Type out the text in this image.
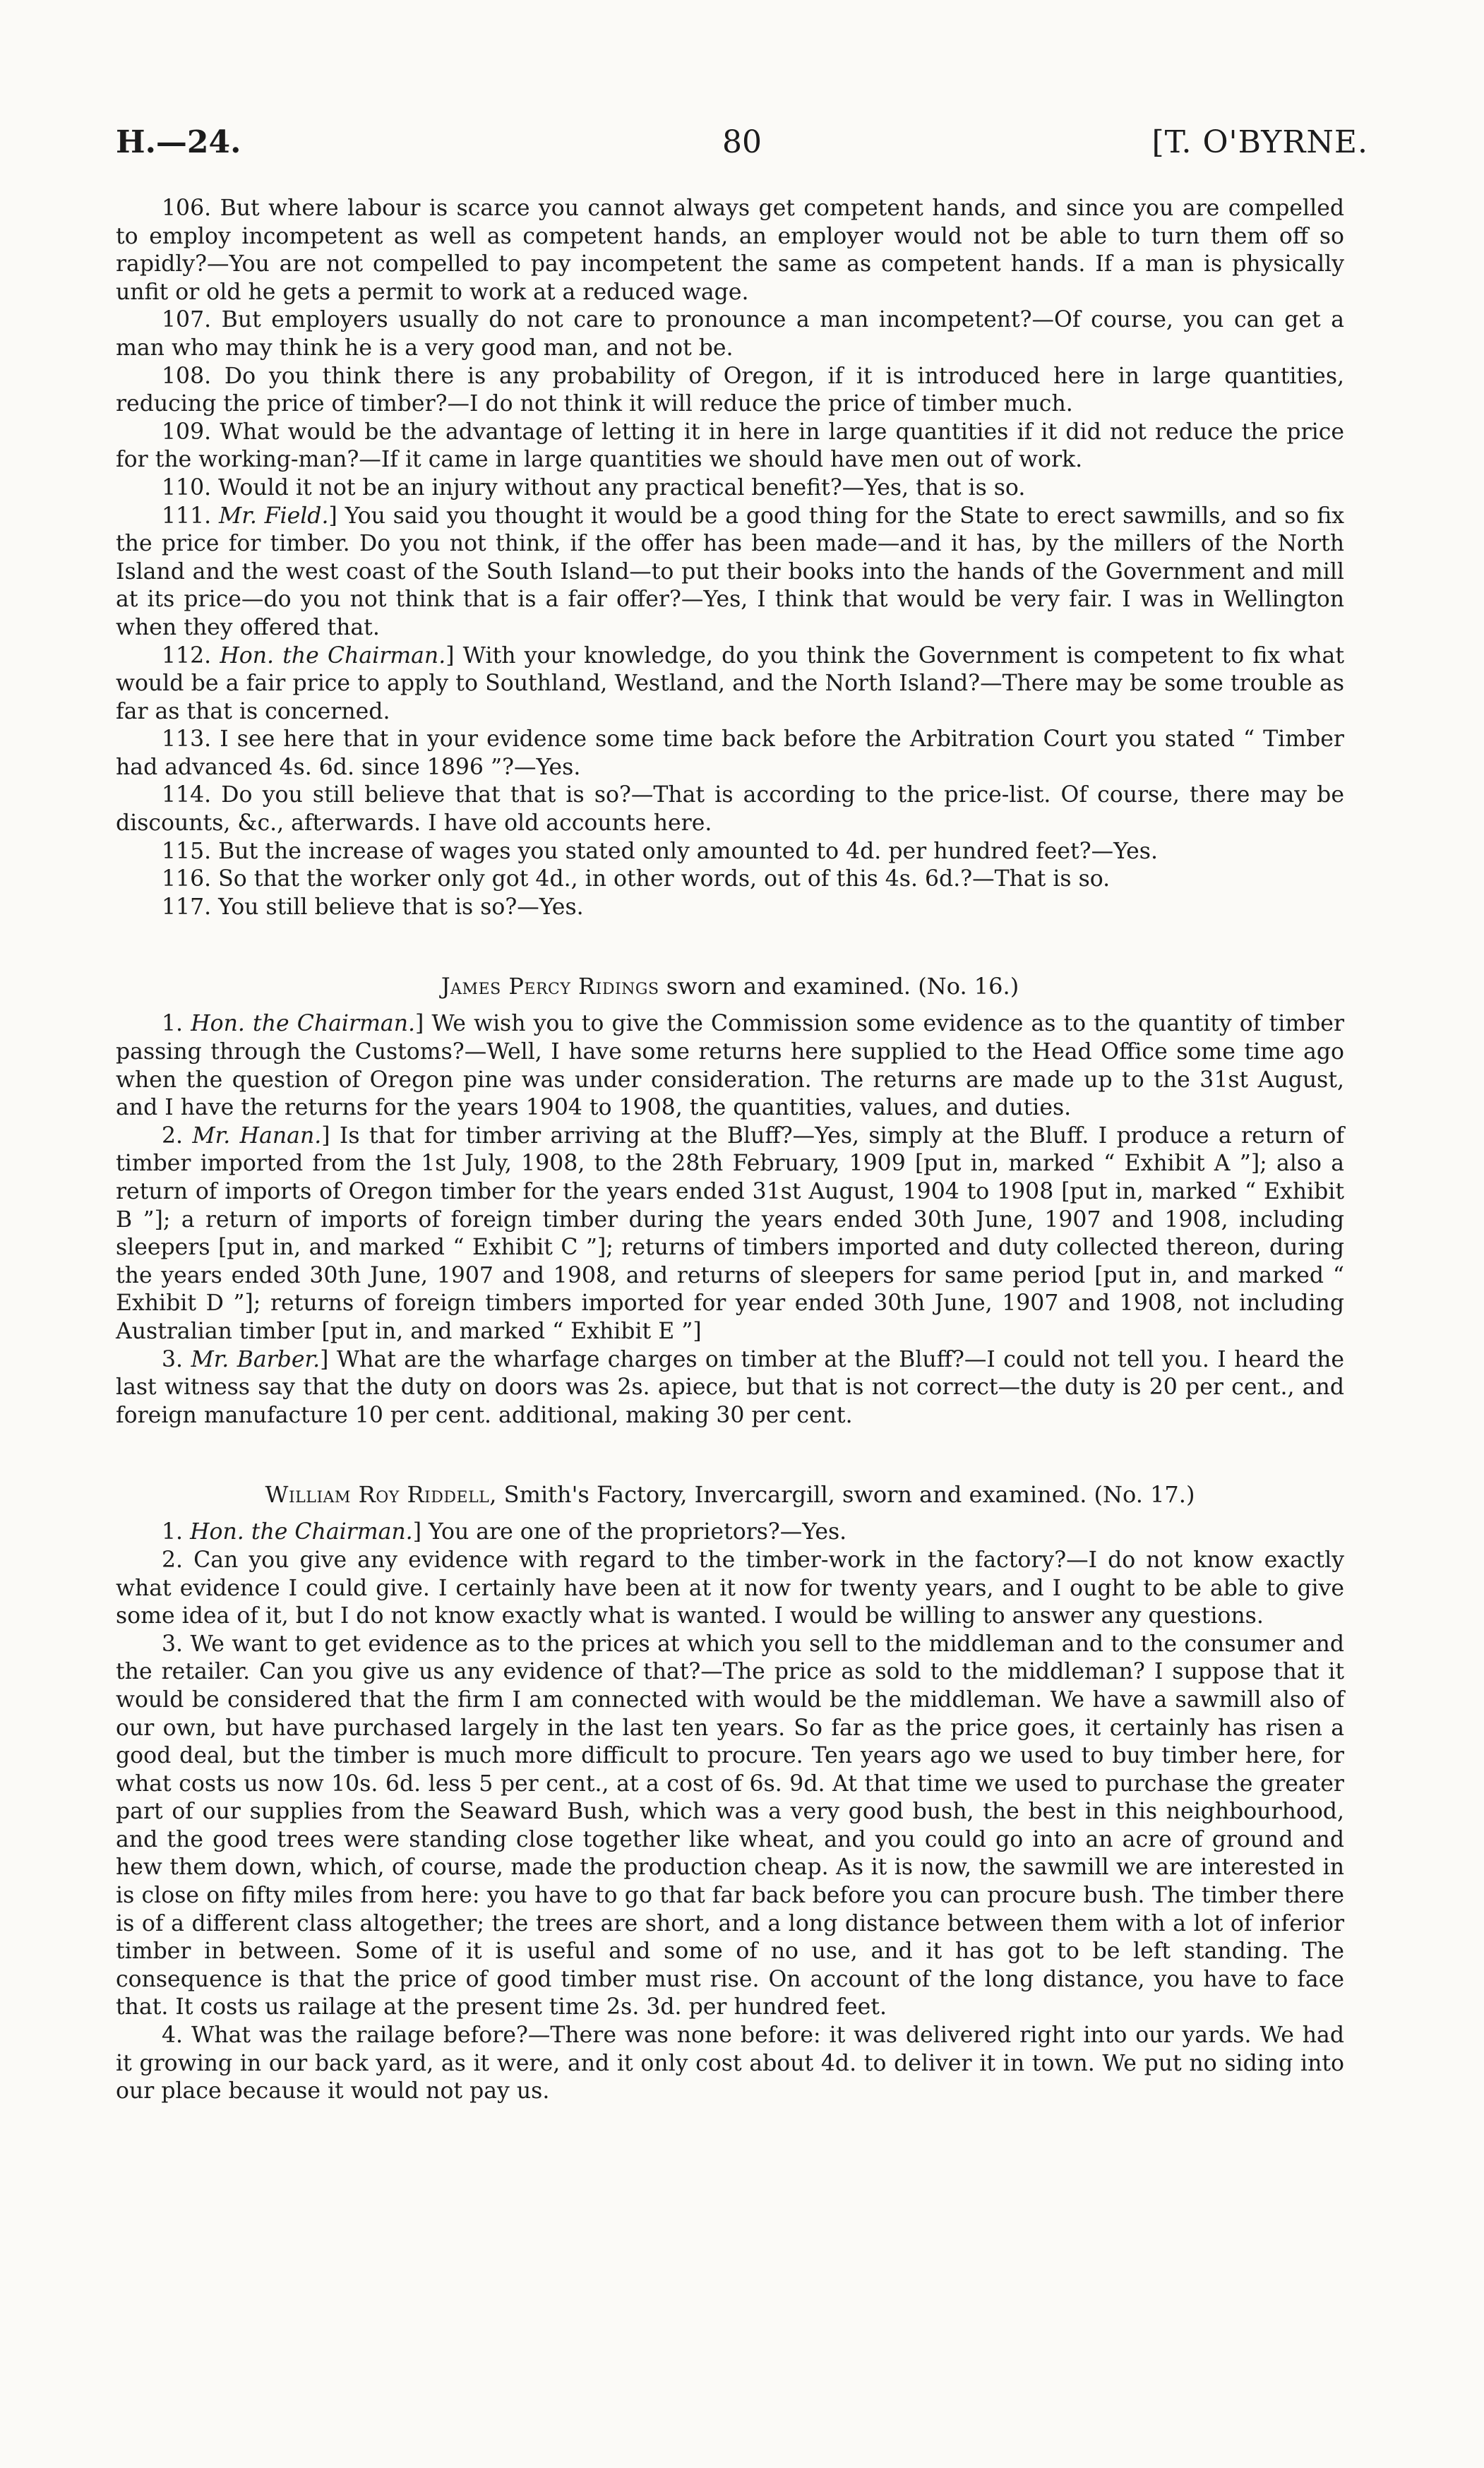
H.—24.	80	[T. O'BYRNE.

106. But where labour is scarce you cannot always get competent hands, and since you are compelled to employ incompetent as well as competent hands, an employer would not be able to turn them off so rapidly?—You are not compelled to pay incompetent the same as competent hands. If a man is physically unfit or old he gets a permit to work at a reduced wage.

107. But employers usually do not care to pronounce a man incompetent?—Of course, you can get a man who may think he is a very good man, and not be.

108. Do you think there is any probability of Oregon, if it is introduced here in large quantities, reducing the price of timber?—I do not think it will reduce the price of timber much.

109. What would be the advantage of letting it in here in large quantities if it did not reduce the price for the working-man?—If it came in large quantities we should have men out of work.

110. Would it not be an injury without any practical benefit?—Yes, that is so.

111. Mr. Field.] You said you thought it would be a good thing for the State to erect sawmills, and so fix the price for timber. Do you not think, if the offer has been made—and it has, by the millers of the North Island and the west coast of the South Island—to put their books into the hands of the Government and mill at its price—do you not think that is a fair offer?—Yes, I think that would be very fair. I was in Wellington when they offered that.

112. Hon. the Chairman.] With your knowledge, do you think the Government is competent to fix what would be a fair price to apply to Southland, Westland, and the North Island?—There may be some trouble as far as that is concerned.

113. I see here that in your evidence some time back before the Arbitration Court you stated “ Timber had advanced 4s. 6d. since 1896 ”?—Yes.

114. Do you still believe that that is so?—That is according to the price-list. Of course, there may be discounts, &c., afterwards. I have old accounts here.

115. But the increase of wages you stated only amounted to 4d. per hundred feet?—Yes.

116. So that the worker only got 4d., in other words, out of this 4s. 6d.?—That is so.

117. You still believe that is so?—Yes.

James Percy Ridings sworn and examined. (No. 16.)

1. Hon. the Chairman.] We wish you to give the Commission some evidence as to the quantity of timber passing through the Customs?—Well, I have some returns here supplied to the Head Office some time ago when the question of Oregon pine was under consideration. The returns are made up to the 31st August, and I have the returns for the years 1904 to 1908, the quantities, values, and duties.

2. Mr. Hanan.] Is that for timber arriving at the Bluff?—Yes, simply at the Bluff. I produce a return of timber imported from the 1st July, 1908, to the 28th February, 1909 [put in, marked “ Exhibit A ”]; also a return of imports of Oregon timber for the years ended 31st August, 1904 to 1908 [put in, marked “ Exhibit B ”]; a return of imports of foreign timber during the years ended 30th June, 1907 and 1908, including sleepers [put in, and marked “ Exhibit C ”]; returns of timbers imported and duty collected thereon, during the years ended 30th June, 1907 and 1908, and returns of sleepers for same period [put in, and marked “ Exhibit D ”]; returns of foreign timbers imported for year ended 30th June, 1907 and 1908, not including Australian timber [put in, and marked “ Exhibit E ”]

3. Mr. Barber.] What are the wharfage charges on timber at the Bluff?—I could not tell you. I heard the last witness say that the duty on doors was 2s. apiece, but that is not correct—the duty is 20 per cent., and foreign manufacture 10 per cent. additional, making 30 per cent.

William Roy Riddell, Smith's Factory, Invercargill, sworn and examined. (No. 17.)

1. Hon. the Chairman.] You are one of the proprietors?—Yes.

2. Can you give any evidence with regard to the timber-work in the factory?—I do not know exactly what evidence I could give. I certainly have been at it now for twenty years, and I ought to be able to give some idea of it, but I do not know exactly what is wanted. I would be willing to answer any questions.

3. We want to get evidence as to the prices at which you sell to the middleman and to the consumer and the retailer. Can you give us any evidence of that?—The price as sold to the middleman? I suppose that it would be considered that the firm I am connected with would be the middleman. We have a sawmill also of our own, but have purchased largely in the last ten years. So far as the price goes, it certainly has risen a good deal, but the timber is much more difficult to procure. Ten years ago we used to buy timber here, for what costs us now 10s. 6d. less 5 per cent., at a cost of 6s. 9d. At that time we used to purchase the greater part of our supplies from the Seaward Bush, which was a very good bush, the best in this neighbourhood, and the good trees were standing close together like wheat, and you could go into an acre of ground and hew them down, which, of course, made the production cheap. As it is now, the sawmill we are interested in is close on fifty miles from here: you have to go that far back before you can procure bush. The timber there is of a different class altogether; the trees are short, and a long distance between them with a lot of inferior timber in between. Some of it is useful and some of no use, and it has got to be left standing. The consequence is that the price of good timber must rise. On account of the long distance, you have to face that. It costs us railage at the present time 2s. 3d. per hundred feet.

4. What was the railage before?—There was none before: it was delivered right into our yards. We had it growing in our back yard, as it were, and it only cost about 4d. to deliver it in town. We put no siding into our place because it would not pay us.
